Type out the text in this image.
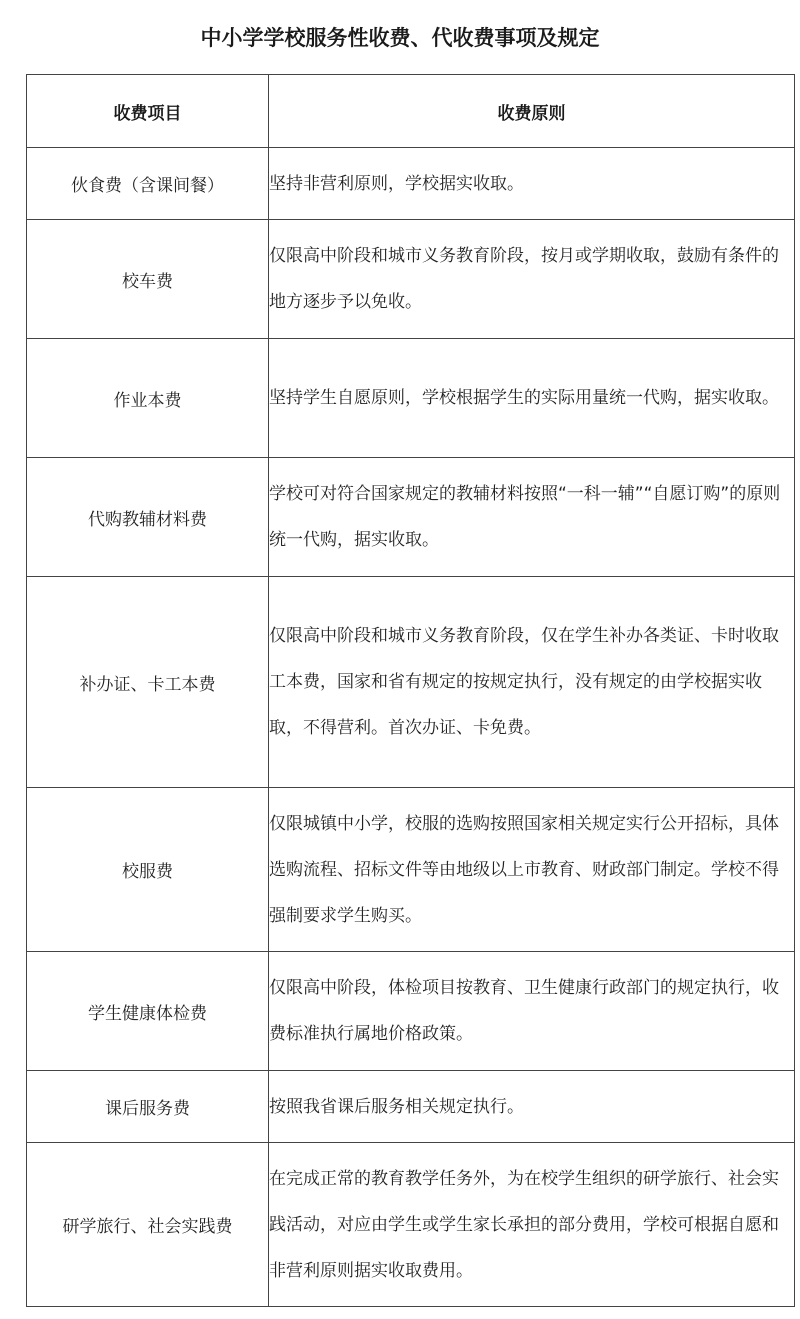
中小学学校服务性收费、代收费事项及规定
收费项目	收费原则
伙食费（含课间餐）	坚持非营利原则，学校据实收取。
校车费	仅限高中阶段和城市义务教育阶段，按月或学期收取，鼓励有条件的地方逐步予以免收。
作业本费	坚持学生自愿原则，学校根据学生的实际用量统一代购，据实收取。
代购教辅材料费	学校可对符合国家规定的教辅材料按照“一科一辅”“自愿订购”的原则统一代购，据实收取。
补办证、卡工本费	仅限高中阶段和城市义务教育阶段，仅在学生补办各类证、卡时收取工本费，国家和省有规定的按规定执行，没有规定的由学校据实收取，不得营利。首次办证、卡免费。
校服费	仅限城镇中小学，校服的选购按照国家相关规定实行公开招标，具体选购流程、招标文件等由地级以上市教育、财政部门制定。学校不得强制要求学生购买。
学生健康体检费	仅限高中阶段，体检项目按教育、卫生健康行政部门的规定执行，收费标准执行属地价格政策。
课后服务费	按照我省课后服务相关规定执行。
研学旅行、社会实践费	在完成正常的教育教学任务外，为在校学生组织的研学旅行、社会实践活动，对应由学生或学生家长承担的部分费用，学校可根据自愿和非营利原则据实收取费用。
